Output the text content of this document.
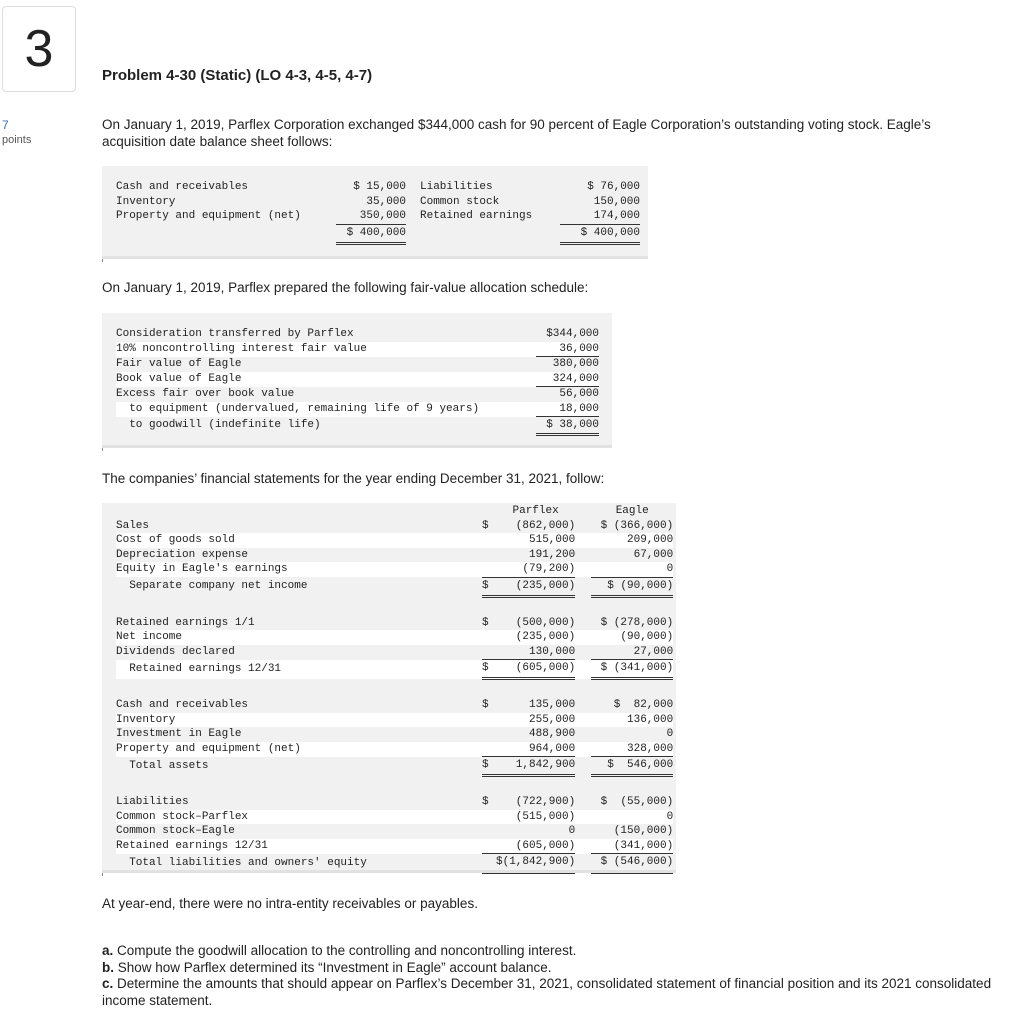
3
7
points
Problem 4-30 (Static) (LO 4-3, 4-5, 4-7)
On January 1, 2019, Parflex Corporation exchanged $344,000 cash for 90 percent of Eagle Corporation’s outstanding voting stock. Eagle’s acquisition date balance sheet follows:
Cash and receivables	$ 15,000		Liabilities	$ 76,000
Inventory	35,000		Common stock	150,000
Property and equipment (net)	350,000		Retained earnings	174,000
	$ 400,000			$ 400,000
On January 1, 2019, Parflex prepared the following fair-value allocation schedule:
Consideration transferred by Parflex	$344,000
10% noncontrolling interest fair value	36,000
Fair value of Eagle	380,000
Book value of Eagle	324,000
Excess fair over book value	56,000
to equipment (undervalued, remaining life of 9 years)	18,000
to goodwill (indefinite life)	$ 38,000
The companies’ financial statements for the year ending December 31, 2021, follow:
		Parflex		Eagle
Sales	$	(862,000)		$ (366,000)
Cost of goods sold		515,000		209,000
Depreciation expense		191,200		67,000
Equity in Eagle's earnings		(79,200)		0
Separate company net income	$	(235,000)		$ (90,000)

Retained earnings 1/1	$	(500,000)		$ (278,000)
Net income		(235,000)		(90,000)
Dividends declared		130,000		27,000
Retained earnings 12/31	$	(605,000)		$ (341,000)

Cash and receivables	$	135,000		$  82,000
Inventory		255,000		136,000
Investment in Eagle		488,900		0
Property and equipment (net)		964,000		328,000
Total assets	$	1,842,900		$  546,000

Liabilities	$	(722,900)		$  (55,000)
Common stock–Parflex		(515,000)		0
Common stock–Eagle		0		(150,000)
Retained earnings 12/31		(605,000)		(341,000)
Total liabilities and owners' equity		$(1,842,900)		$ (546,000)
At year-end, there were no intra-entity receivables or payables.
a. Compute the goodwill allocation to the controlling and noncontrolling interest.
b. Show how Parflex determined its “Investment in Eagle” account balance.
c. Determine the amounts that should appear on Parflex’s December 31, 2021, consolidated statement of financial position and its 2021 consolidated income statement.
